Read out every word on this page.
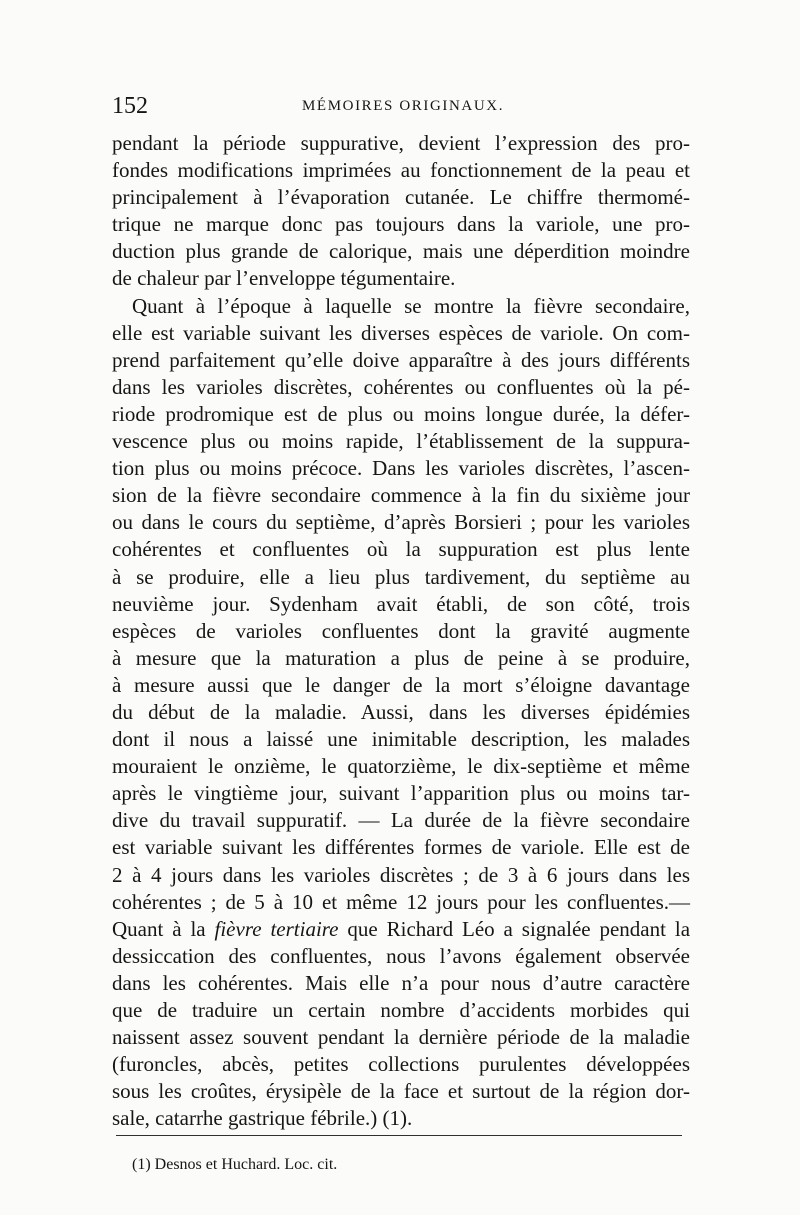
152	MÉMOIRES ORIGINAUX.
pendant la période suppurative, devient l’expression des pro-
fondes modifications imprimées au fonctionnement de la peau et
principalement à l’évaporation cutanée. Le chiffre thermomé-
trique ne marque donc pas toujours dans la variole, une pro-
duction plus grande de calorique, mais une déperdition moindre
de chaleur par l’enveloppe tégumentaire.
Quant à l’époque à laquelle se montre la fièvre secondaire,
elle est variable suivant les diverses espèces de variole. On com-
prend parfaitement qu’elle doive apparaître à des jours différents
dans les varioles discrètes, cohérentes ou confluentes où la pé-
riode prodromique est de plus ou moins longue durée, la défer-
vescence plus ou moins rapide, l’établissement de la suppura-
tion plus ou moins précoce. Dans les varioles discrètes, l’ascen-
sion de la fièvre secondaire commence à la fin du sixième jour
ou dans le cours du septième, d’après Borsieri ; pour les varioles
cohérentes et confluentes où la suppuration est plus lente
à se produire, elle a lieu plus tardivement, du septième au
neuvième jour. Sydenham avait établi, de son côté, trois
espèces de varioles confluentes dont la gravité augmente
à mesure que la maturation a plus de peine à se produire,
à mesure aussi que le danger de la mort s’éloigne davantage
du début de la maladie. Aussi, dans les diverses épidémies
dont il nous a laissé une inimitable description, les malades
mouraient le onzième, le quatorzième, le dix-septième et même
après le vingtième jour, suivant l’apparition plus ou moins tar-
dive du travail suppuratif. — La durée de la fièvre secondaire
est variable suivant les différentes formes de variole. Elle est de
2 à 4 jours dans les varioles discrètes ; de 3 à 6 jours dans les
cohérentes ; de 5 à 10 et même 12 jours pour les confluentes.—
Quant à la fièvre tertiaire que Richard Léo a signalée pendant la
dessiccation des confluentes, nous l’avons également observée
dans les cohérentes. Mais elle n’a pour nous d’autre caractère
que de traduire un certain nombre d’accidents morbides qui
naissent assez souvent pendant la dernière période de la maladie
(furoncles, abcès, petites collections purulentes développées
sous les croûtes, érysipèle de la face et surtout de la région dor-
sale, catarrhe gastrique fébrile.) (1).
(1) Desnos et Huchard. Loc. cit.
